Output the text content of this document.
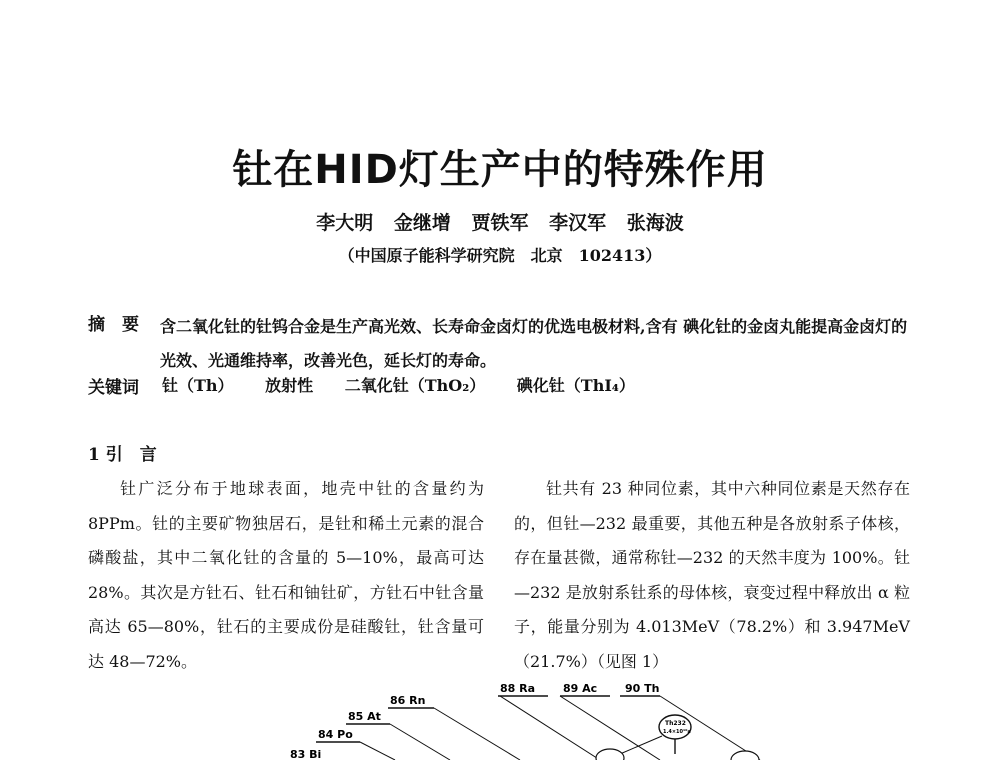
钍在HID灯生产中的特殊作用
李大明 金继增 贾铁军 李汉军 张海波
（中国原子能科学研究院　北京　102413）
摘　要 含二氧化钍的钍钨合金是生产高光效、长寿命金卤灯的优选电极材料,含有 碘化钍的金卤丸能提高金卤灯的光效、光通维持率，改善光色，延长灯的寿命。
关键词 钍（Th） 放射性 二氧化钍（ThO₂） 碘化钍（ThI₄）
1 引　言

钍广泛分布于地球表面，地壳中钍的含量约为8PPm。钍的主要矿物独居石，是钍和稀土元素的混合磷酸盐，其中二氧化钍的含量的 5—10%，最高可达 28%。其次是方钍石、钍石和铀钍矿，方钍石中钍含量高达 65—80%，钍石的主要成份是硅酸钍，钍含量可达 48—72%。

钍共有 23 种同位素，其中六种同位素是天然存在的，但钍—232 最重要，其他五种是各放射系子体核，存在量甚微，通常称钍—232 的天然丰度为 100%。钍—232 是放射系钍系的母体核，衰变过程中释放出 α 粒子，能量分别为 4.013MeV（78.2%）和 3.947MeV（21.7%）（见图 1）

90 Th
89 Ac
88 Ra
86 Rn
85 At
84 Po
83 Bi
Th232
1.4×10¹⁰a
